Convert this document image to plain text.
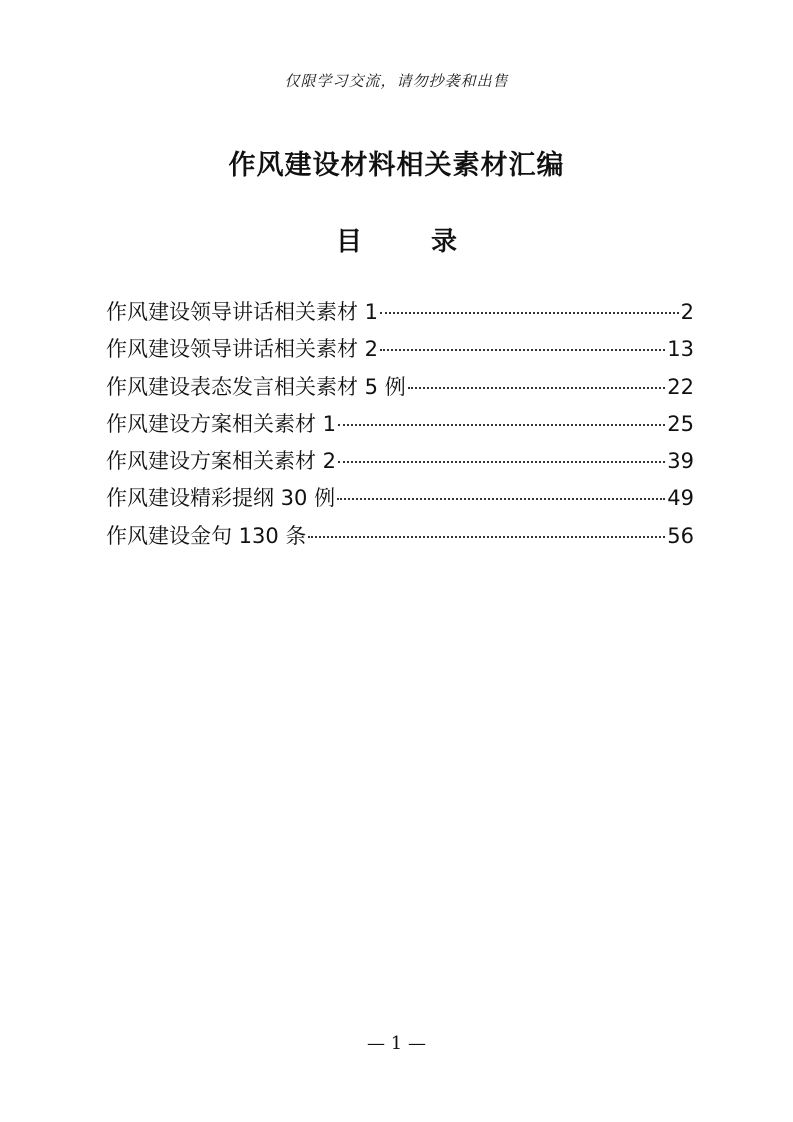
仅限学习交流，请勿抄袭和出售
作风建设材料相关素材汇编
目 录
作风建设领导讲话相关素材 1	2
作风建设领导讲话相关素材 2	13
作风建设表态发言相关素材 5 例	22
作风建设方案相关素材 1	25
作风建设方案相关素材 2	39
作风建设精彩提纲 30 例	49
作风建设金句 130 条	56
— 1 —
